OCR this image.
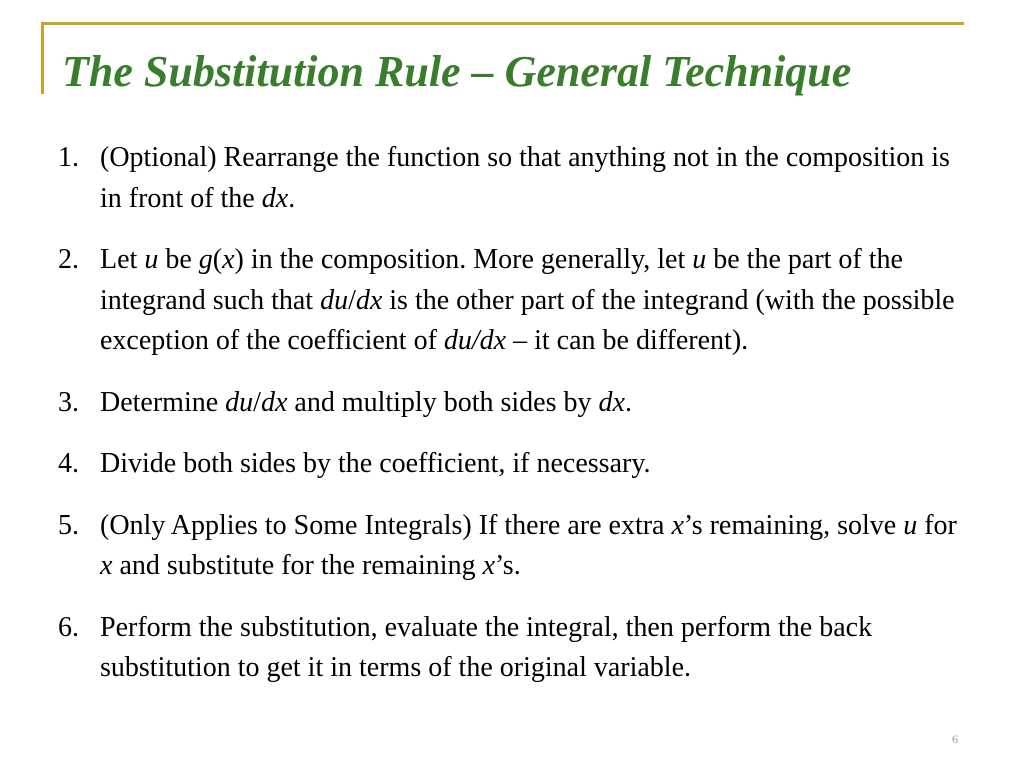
The Substitution Rule – General Technique
1. (Optional) Rearrange the function so that anything not in the composition is in front of the dx.
2. Let u be g(x) in the composition. More generally, let u be the part of the integrand such that du/dx is the other part of the integrand (with the possible exception of the coefficient of du/dx – it can be different).
3. Determine du/dx and multiply both sides by dx.
4. Divide both sides by the coefficient, if necessary.
5. (Only Applies to Some Integrals) If there are extra x’s remaining, solve u for x and substitute for the remaining x’s.
6. Perform the substitution, evaluate the integral, then perform the back substitution to get it in terms of the original variable.
6
